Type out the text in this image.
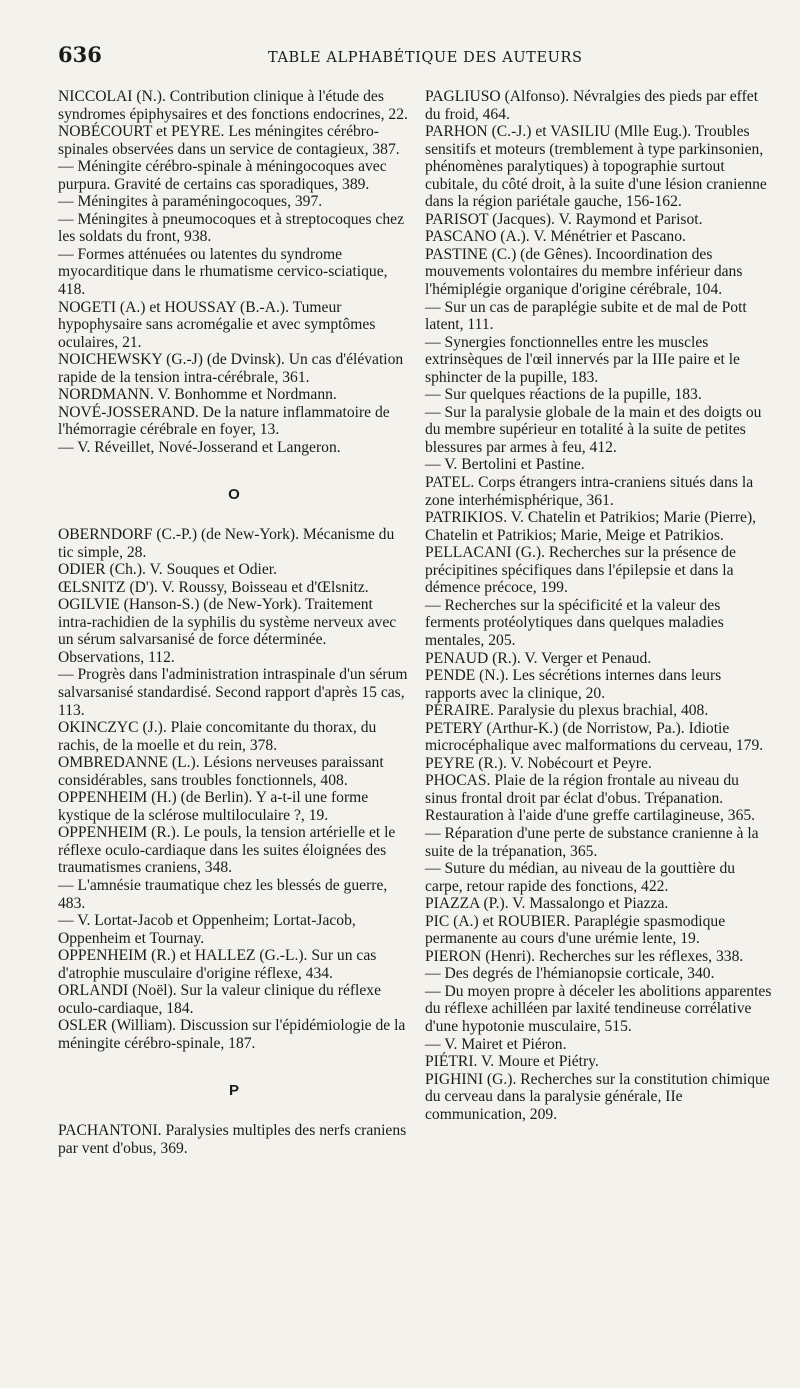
636	TABLE ALPHABÉTIQUE DES AUTEURS
NICCOLAI (N.). Contribution clinique à l'étude des syndromes épiphysaires et des fonctions endocrines, 22.
NOBÉCOURT et PEYRE. Les méningites cérébro-spinales observées dans un service de contagieux, 387.
— Méningite cérébro-spinale à méningocoques avec purpura. Gravité de certains cas sporadiques, 389.
— Méningites à paraméningocoques, 397.
— Méningites à pneumocoques et à streptocoques chez les soldats du front, 938.
— Formes atténuées ou latentes du syndrome myocarditique dans le rhumatisme cervico-sciatique, 418.
NOGETI (A.) et HOUSSAY (B.-A.). Tumeur hypophysaire sans acromégalie et avec symptômes oculaires, 21.
NOICHEWSKY (G.-J) (de Dvinsk). Un cas d'élévation rapide de la tension intra-cérébrale, 361.
NORDMANN. V. Bonhomme et Nordmann.
NOVÉ-JOSSERAND. De la nature inflammatoire de l'hémorragie cérébrale en foyer, 13.
— V. Réveillet, Nové-Josserand et Langeron.
O
OBERNDORF (C.-P.) (de New-York). Mécanisme du tic simple, 28.
ODIER (Ch.). V. Souques et Odier.
ŒLSNITZ (D'). V. Roussy, Boisseau et d'Œlsnitz.
OGILVIE (Hanson-S.) (de New-York). Traitement intra-rachidien de la syphilis du système nerveux avec un sérum salvarsanisé de force déterminée. Observations, 112.
— Progrès dans l'administration intraspinale d'un sérum salvarsanisé standardisé. Second rapport d'après 15 cas, 113.
OKINCZYC (J.). Plaie concomitante du thorax, du rachis, de la moelle et du rein, 378.
OMBREDANNE (L.). Lésions nerveuses paraissant considérables, sans troubles fonctionnels, 408.
OPPENHEIM (H.) (de Berlin). Y a-t-il une forme kystique de la sclérose multiloculaire ?, 19.
OPPENHEIM (R.). Le pouls, la tension artérielle et le réflexe oculo-cardiaque dans les suites éloignées des traumatismes craniens, 348.
— L'amnésie traumatique chez les blessés de guerre, 483.
— V. Lortat-Jacob et Oppenheim; Lortat-Jacob, Oppenheim et Tournay.
OPPENHEIM (R.) et HALLEZ (G.-L.). Sur un cas d'atrophie musculaire d'origine réflexe, 434.
ORLANDI (Noël). Sur la valeur clinique du réflexe oculo-cardiaque, 184.
OSLER (William). Discussion sur l'épidémiologie de la méningite cérébro-spinale, 187.
P
PACHANTONI. Paralysies multiples des nerfs craniens par vent d'obus, 369.
PAGLIUSO (Alfonso). Névralgies des pieds par effet du froid, 464.
PARHON (C.-J.) et VASILIU (Mlle Eug.). Troubles sensitifs et moteurs (tremblement à type parkinsonien, phénomènes paralytiques) à topographie surtout cubitale, du côté droit, à la suite d'une lésion cranienne dans la région pariétale gauche, 156-162.
PARISOT (Jacques). V. Raymond et Parisot.
PASCANO (A.). V. Ménétrier et Pascano.
PASTINE (C.) (de Gênes). Incoordination des mouvements volontaires du membre inférieur dans l'hémiplégie organique d'origine cérébrale, 104.
— Sur un cas de paraplégie subite et de mal de Pott latent, 111.
— Synergies fonctionnelles entre les muscles extrinsèques de l'œil innervés par la IIIe paire et le sphincter de la pupille, 183.
— Sur quelques réactions de la pupille, 183.
— Sur la paralysie globale de la main et des doigts ou du membre supérieur en totalité à la suite de petites blessures par armes à feu, 412.
— V. Bertolini et Pastine.
PATEL. Corps étrangers intra-craniens situés dans la zone interhémisphérique, 361.
PATRIKIOS. V. Chatelin et Patrikios; Marie (Pierre), Chatelin et Patrikios; Marie, Meige et Patrikios.
PELLACANI (G.). Recherches sur la présence de précipitines spécifiques dans l'épilepsie et dans la démence précoce, 199.
— Recherches sur la spécificité et la valeur des ferments protéolytiques dans quelques maladies mentales, 205.
PENAUD (R.). V. Verger et Penaud.
PENDE (N.). Les sécrétions internes dans leurs rapports avec la clinique, 20.
PÉRAIRE. Paralysie du plexus brachial, 408.
PETERY (Arthur-K.) (de Norristow, Pa.). Idiotie microcéphalique avec malformations du cerveau, 179.
PEYRE (R.). V. Nobécourt et Peyre.
PHOCAS. Plaie de la région frontale au niveau du sinus frontal droit par éclat d'obus. Trépanation. Restauration à l'aide d'une greffe cartilagineuse, 365.
— Réparation d'une perte de substance cranienne à la suite de la trépanation, 365.
— Suture du médian, au niveau de la gouttière du carpe, retour rapide des fonctions, 422.
PIAZZA (P.). V. Massalongo et Piazza.
PIC (A.) et ROUBIER. Paraplégie spasmodique permanente au cours d'une urémie lente, 19.
PIERON (Henri). Recherches sur les réflexes, 338.
— Des degrés de l'hémianopsie corticale, 340.
— Du moyen propre à déceler les abolitions apparentes du réflexe achilléen par laxité tendineuse corrélative d'une hypotonie musculaire, 515.
— V. Mairet et Piéron.
PIÉTRI. V. Moure et Piétry.
PIGHINI (G.). Recherches sur la constitution chimique du cerveau dans la paralysie générale, IIe communication, 209.
